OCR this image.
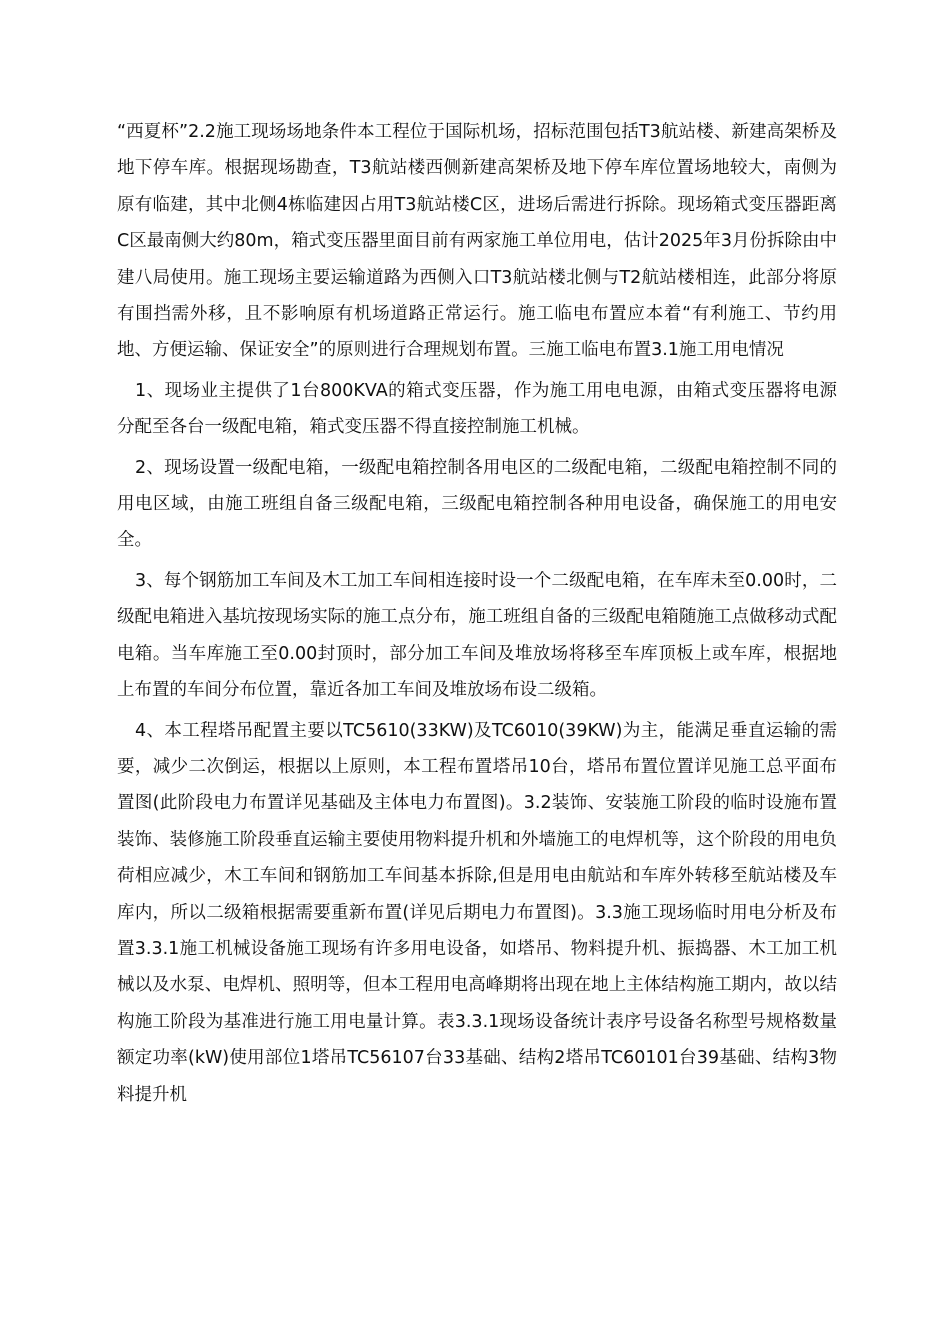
“西夏杯”2.2施工现场场地条件本工程位于国际机场，招标范围包括T3航站楼、新建高架桥及地下停车库。根据现场勘查，T3航站楼西侧新建高架桥及地下停车库位置场地较大，南侧为原有临建，其中北侧4栋临建因占用T3航站楼C区，进场后需进行拆除。现场箱式变压器距离C区最南侧大约80m，箱式变压器里面目前有两家施工单位用电，估计2025年3月份拆除由中建八局使用。施工现场主要运输道路为西侧入口T3航站楼北侧与T2航站楼相连，此部分将原有围挡需外移，且不影响原有机场道路正常运行。施工临电布置应本着“有利施工、节约用地、方便运输、保证安全”的原则进行合理规划布置。三施工临电布置3.1施工用电情况

1、现场业主提供了1台800KVA的箱式变压器，作为施工用电电源，由箱式变压器将电源分配至各台一级配电箱，箱式变压器不得直接控制施工机械。

2、现场设置一级配电箱，一级配电箱控制各用电区的二级配电箱，二级配电箱控制不同的用电区域，由施工班组自备三级配电箱，三级配电箱控制各种用电设备，确保施工的用电安全。

3、每个钢筋加工车间及木工加工车间相连接时设一个二级配电箱，在车库未至0.00时，二级配电箱进入基坑按现场实际的施工点分布，施工班组自备的三级配电箱随施工点做移动式配电箱。当车库施工至0.00封顶时，部分加工车间及堆放场将移至车库顶板上或车库，根据地上布置的车间分布位置，靠近各加工车间及堆放场布设二级箱。

4、本工程塔吊配置主要以TC5610(33KW)及TC6010(39KW)为主，能满足垂直运输的需要，减少二次倒运，根据以上原则，本工程布置塔吊10台，塔吊布置位置详见施工总平面布置图(此阶段电力布置详见基础及主体电力布置图)。3.2装饰、安装施工阶段的临时设施布置装饰、装修施工阶段垂直运输主要使用物料提升机和外墙施工的电焊机等，这个阶段的用电负荷相应减少，木工车间和钢筋加工车间基本拆除,但是用电由航站和车库外转移至航站楼及车库内，所以二级箱根据需要重新布置(详见后期电力布置图)。3.3施工现场临时用电分析及布置3.3.1施工机械设备施工现场有许多用电设备，如塔吊、物料提升机、振捣器、木工加工机械以及水泵、电焊机、照明等，但本工程用电高峰期将出现在地上主体结构施工期内，故以结构施工阶段为基准进行施工用电量计算。表3.3.1现场设备统计表序号设备名称型号规格数量额定功率(kW)使用部位1塔吊TC56107台33基础、结构2塔吊TC60101台39基础、结构3物料提升机
